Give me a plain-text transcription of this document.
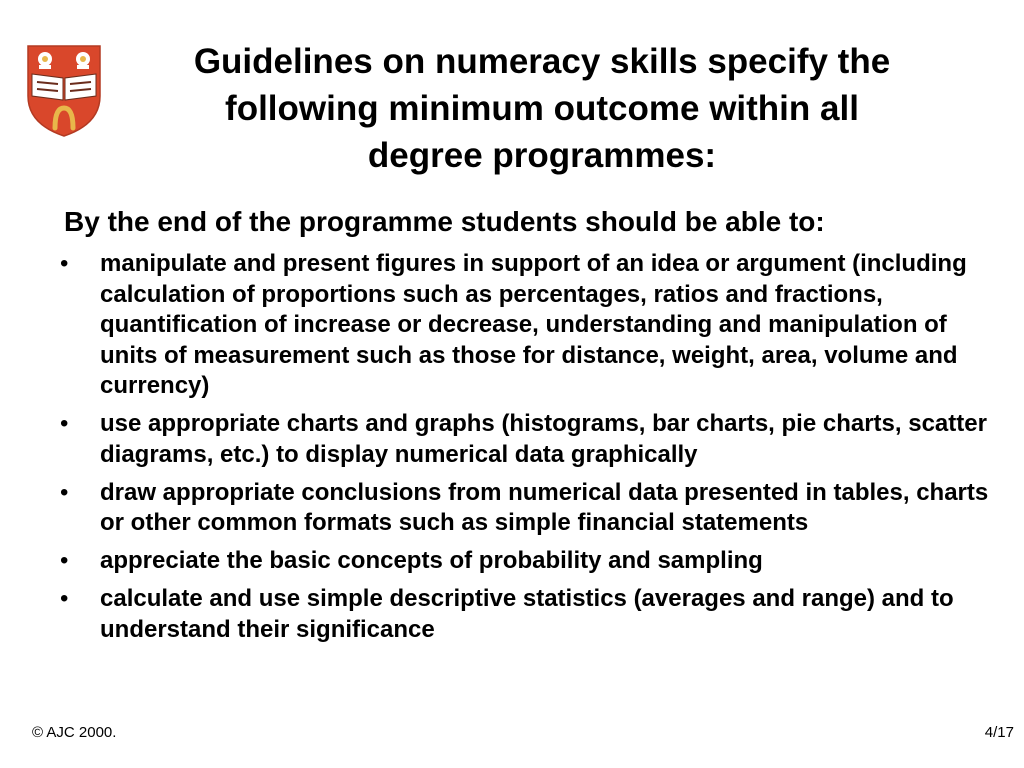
Guidelines on numeracy skills specify the
following minimum outcome within all
degree programmes:

By the end of the programme students should be able to:

• manipulate and present figures in support of an idea or argument (including calculation of proportions such as percentages, ratios and fractions, quantification of increase or decrease, understanding and manipulation of units of measurement such as those for distance, weight, area, volume and currency)
• use appropriate charts and graphs (histograms, bar charts, pie charts, scatter diagrams, etc.) to display numerical data graphically
• draw appropriate conclusions from numerical data presented in tables, charts or other common formats such as simple financial statements
• appreciate the basic concepts of probability and sampling
• calculate and use simple descriptive statistics (averages and range) and to understand their significance
© AJC 2000.	4/17
